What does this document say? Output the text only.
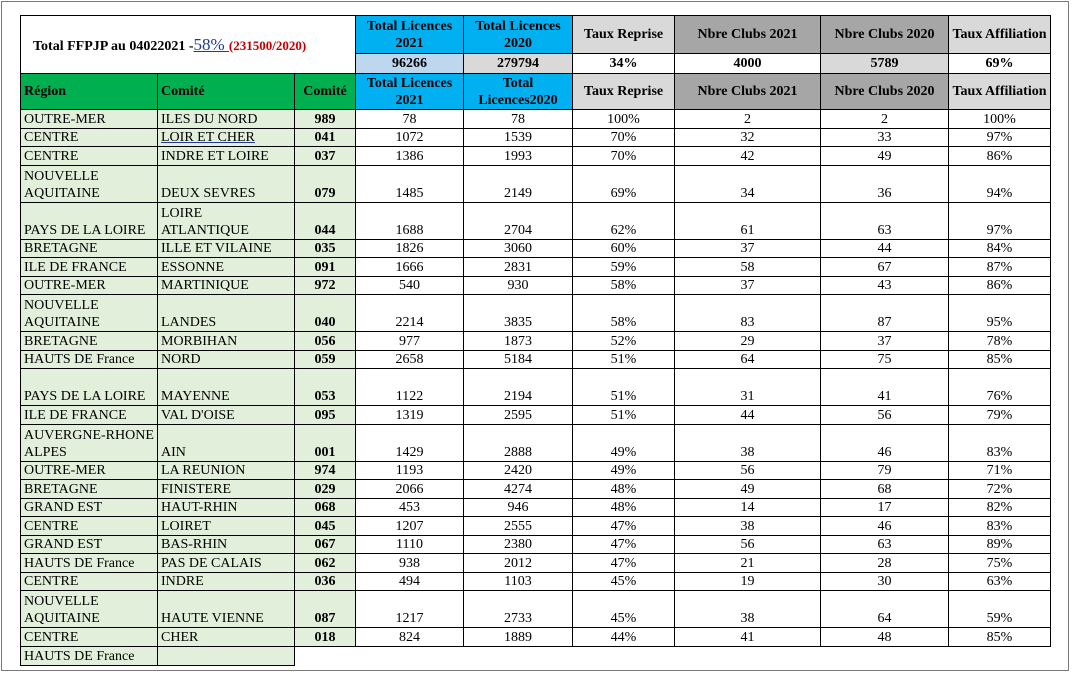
Total FFPJP au 04022021 -58% (231500/2020)			Total Licences 2021	Total Licences 2020	Taux Reprise	Nbre Clubs 2021	Nbre Clubs 2020	Taux Affiliation
			96266	279794	34%	4000	5789	69%
Région	Comité	Comité	Total Licences 2021	Total Licences2020	Taux Reprise	Nbre Clubs 2021	Nbre Clubs 2020	Taux Affiliation
OUTRE-MER	ILES DU NORD	989	78	78	100%	2	2	100%
CENTRE	LOIR ET CHER	041	1072	1539	70%	32	33	97%
CENTRE	INDRE ET LOIRE	037	1386	1993	70%	42	49	86%
NOUVELLE AQUITAINE	DEUX SEVRES	079	1485	2149	69%	34	36	94%
PAYS DE LA LOIRE	LOIRE ATLANTIQUE	044	1688	2704	62%	61	63	97%
BRETAGNE	ILLE ET VILAINE	035	1826	3060	60%	37	44	84%
ILE DE FRANCE	ESSONNE	091	1666	2831	59%	58	67	87%
OUTRE-MER	MARTINIQUE	972	540	930	58%	37	43	86%
NOUVELLE AQUITAINE	LANDES	040	2214	3835	58%	83	87	95%
BRETAGNE	MORBIHAN	056	977	1873	52%	29	37	78%
HAUTS DE France	NORD	059	2658	5184	51%	64	75	85%
PAYS DE LA LOIRE	MAYENNE	053	1122	2194	51%	31	41	76%
ILE DE FRANCE	VAL D'OISE	095	1319	2595	51%	44	56	79%
AUVERGNE-RHONE ALPES	AIN	001	1429	2888	49%	38	46	83%
OUTRE-MER	LA REUNION	974	1193	2420	49%	56	79	71%
BRETAGNE	FINISTERE	029	2066	4274	48%	49	68	72%
GRAND EST	HAUT-RHIN	068	453	946	48%	14	17	82%
CENTRE	LOIRET	045	1207	2555	47%	38	46	83%
GRAND EST	BAS-RHIN	067	1110	2380	47%	56	63	89%
HAUTS DE France	PAS DE CALAIS	062	938	2012	47%	21	28	75%
CENTRE	INDRE	036	494	1103	45%	19	30	63%
NOUVELLE AQUITAINE	HAUTE VIENNE	087	1217	2733	45%	38	64	59%
CENTRE	CHER	018	824	1889	44%	41	48	85%
HAUTS DE France								
